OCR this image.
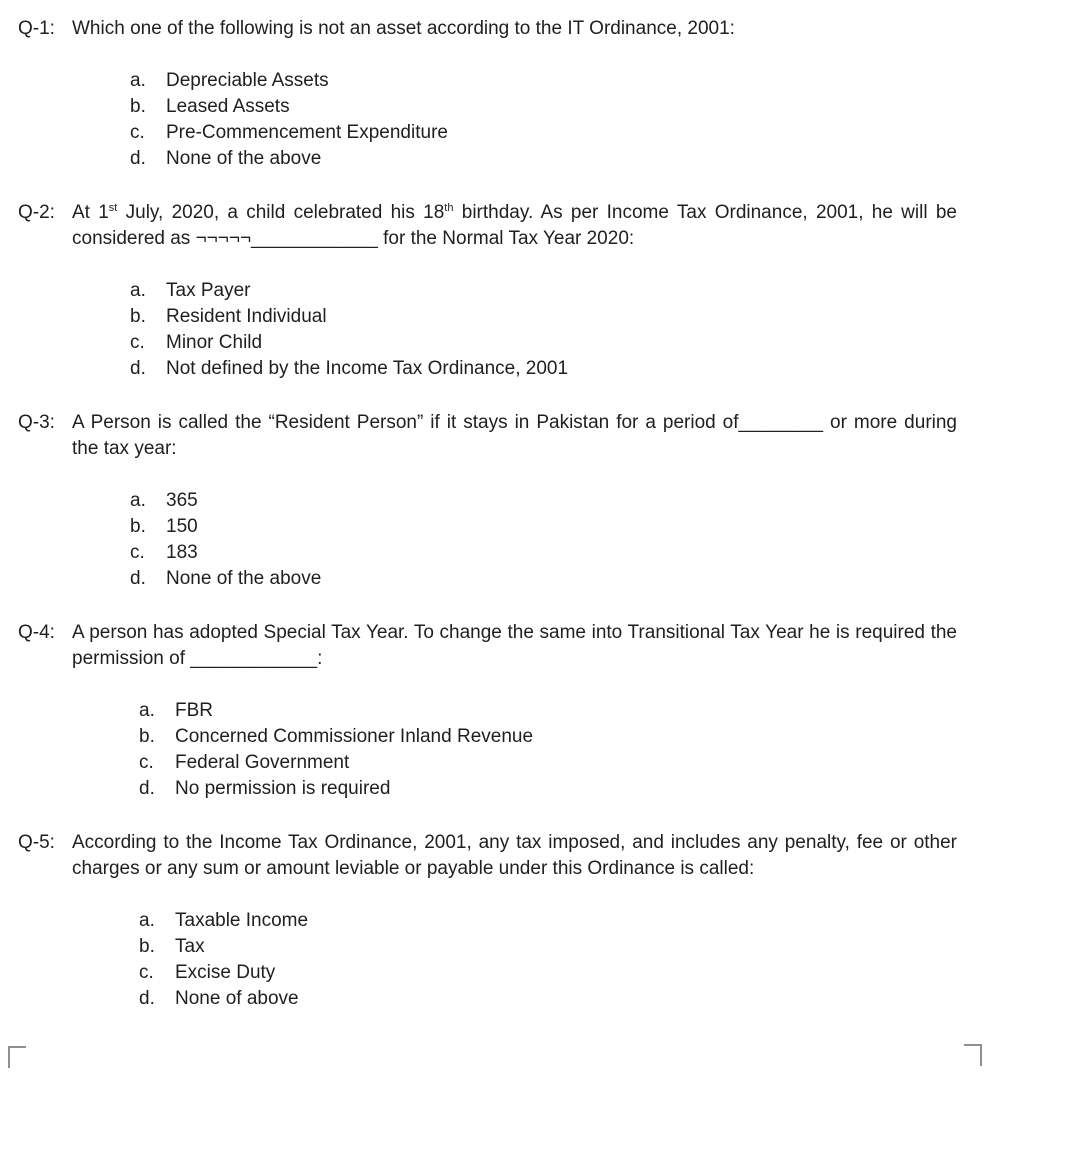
Q-1: Which one of the following is not an asset according to the IT Ordinance, 2001:

a.	Depreciable Assets
b.	Leased Assets
c.	Pre-Commencement Expenditure
d.	None of the above
Q-2: At 1st July, 2020, a child celebrated his 18th birthday. As per Income Tax Ordinance, 2001, he will be considered as ¬¬¬¬¬____________ for the Normal Tax Year 2020:

a.	Tax Payer
b.	Resident Individual
c.	Minor Child
d.	Not defined by the Income Tax Ordinance, 2001
Q-3: A Person is called the “Resident Person” if it stays in Pakistan for a period of________ or more during the tax year:

a.	365
b.	150
c.	183
d.	None of the above
Q-4: A person has adopted Special Tax Year. To change the same into Transitional Tax Year he is required the permission of ____________:

a.	FBR
b.	Concerned Commissioner Inland Revenue
c.	Federal Government
d.	No permission is required
Q-5: According to the Income Tax Ordinance, 2001, any tax imposed, and includes any penalty, fee or other charges or any sum or amount leviable or payable under this Ordinance is called:

a.	Taxable Income
b.	Tax
c.	Excise Duty
d.	None of above
